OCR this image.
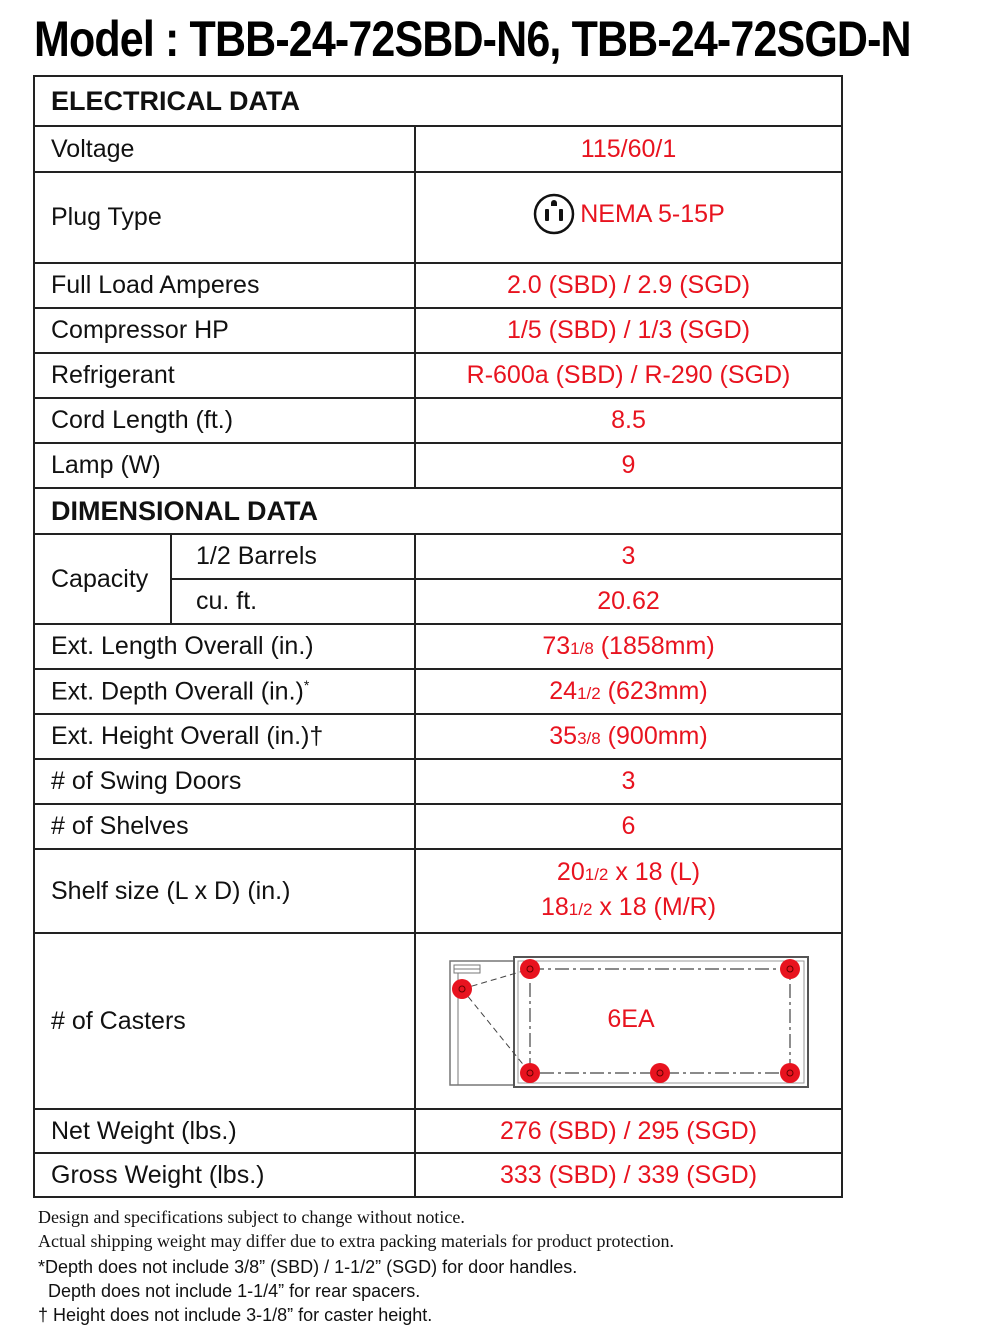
Model : TBB-24-72SBD-N6, TBB-24-72SGD-N
ELECTRICAL DATA		
Voltage		115/60/1
Plug Type		NEMA 5-15P

Full Load Amperes		2.0 (SBD) / 2.9 (SGD)
Compressor HP		1/5 (SBD) / 1/3 (SGD)
Refrigerant		R-600a (SBD) / R-290 (SGD)
Cord Length (ft.)		8.5
Lamp (W)		9
DIMENSIONAL DATA		
Capacity	1/2 Barrels	3
	cu. ft.	20.62
Ext. Length Overall (in.)		731/8 (1858mm)
Ext. Depth Overall (in.)*		241/2 (623mm)
Ext. Height Overall (in.)†		353/8 (900mm)
# of Swing Doors		3
# of Shelves		6
Shelf size (L x D) (in.)		201/2 x 18 (L)
181/2 x 18 (M/R)

# of Casters		6EA

Net Weight (lbs.)		276 (SBD) / 295 (SGD)
Gross Weight (lbs.)		333 (SBD) / 339 (SGD)
Design and specifications subject to change without notice.
Actual shipping weight may differ due to extra packing materials for product protection.
*Depth does not include 3/8” (SBD) / 1-1/2” (SGD) for door handles.
Depth does not include 1-1/4” for rear spacers.
† Height does not include 3-1/8” for caster height.
